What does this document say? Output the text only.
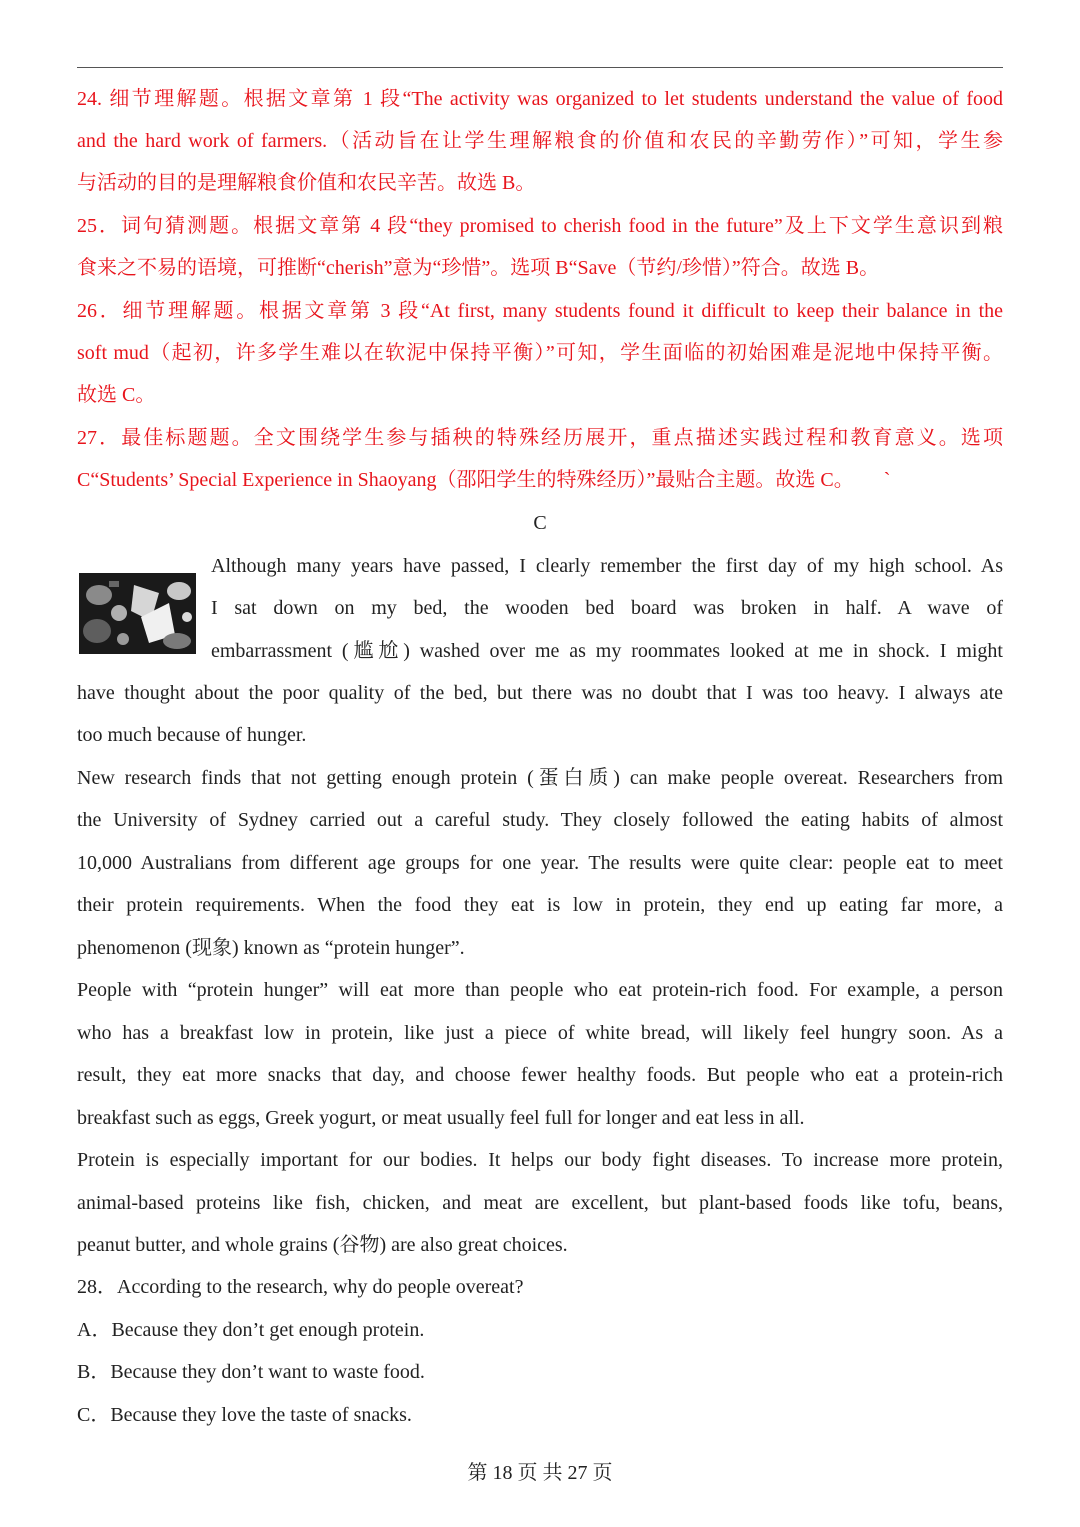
24. 细节理解题。根据文章第 1 段“The activity was organized to let students understand the value of food
and the hard work of farmers.（活动旨在让学生理解粮食的价值和农民的辛勤劳作）”可知，学生参
与活动的目的是理解粮食价值和农民辛苦。故选 B。
25．词句猜测题。根据文章第 4 段“they promised to cherish food in the future”及上下文学生意识到粮
食来之不易的语境，可推断“cherish”意为“珍惜”。选项 B“Save（节约/珍惜）”符合。故选 B。
26．细节理解题。根据文章第 3 段“At first, many students found it difficult to keep their balance in the
soft mud（起初，许多学生难以在软泥中保持平衡）”可知，学生面临的初始困难是泥地中保持平衡。
故选 C。
27．最佳标题题。全文围绕学生参与插秧的特殊经历展开，重点描述实践过程和教育意义。选项
C“Students’ Special Experience in Shaoyang（邵阳学生的特殊经历）”最贴合主题。故选 C。　　`
C
Although many years have passed, I clearly remember the first day of my high school. As
I sat down on my bed, the wooden bed board was broken in half. A wave of
embarrassment (尴尬) washed over me as my roommates looked at me in shock. I might
have thought about the poor quality of the bed, but there was no doubt that I was too heavy. I always ate
too much because of hunger.
New research finds that not getting enough protein (蛋白质) can make people overeat. Researchers from
the University of Sydney carried out a careful study. They closely followed the eating habits of almost
10,000 Australians from different age groups for one year. The results were quite clear: people eat to meet
their protein requirements. When the food they eat is low in protein, they end up eating far more, a
phenomenon (现象) known as “protein hunger”.
People with “protein hunger” will eat more than people who eat protein-rich food. For example, a person
who has a breakfast low in protein, like just a piece of white bread, will likely feel hungry soon. As a
result, they eat more snacks that day, and choose fewer healthy foods. But people who eat a protein-rich
breakfast such as eggs, Greek yogurt, or meat usually feel full for longer and eat less in all.
Protein is especially important for our bodies. It helps our body fight diseases. To increase more protein,
animal-based proteins like fish, chicken, and meat are excellent, but plant-based foods like tofu, beans,
peanut butter, and whole grains (谷物) are also great choices.
28．According to the research, why do people overeat?
A．Because they don’t get enough protein.
B．Because they don’t want to waste food.
C．Because they love the taste of snacks.
第 18 页 共 27 页
